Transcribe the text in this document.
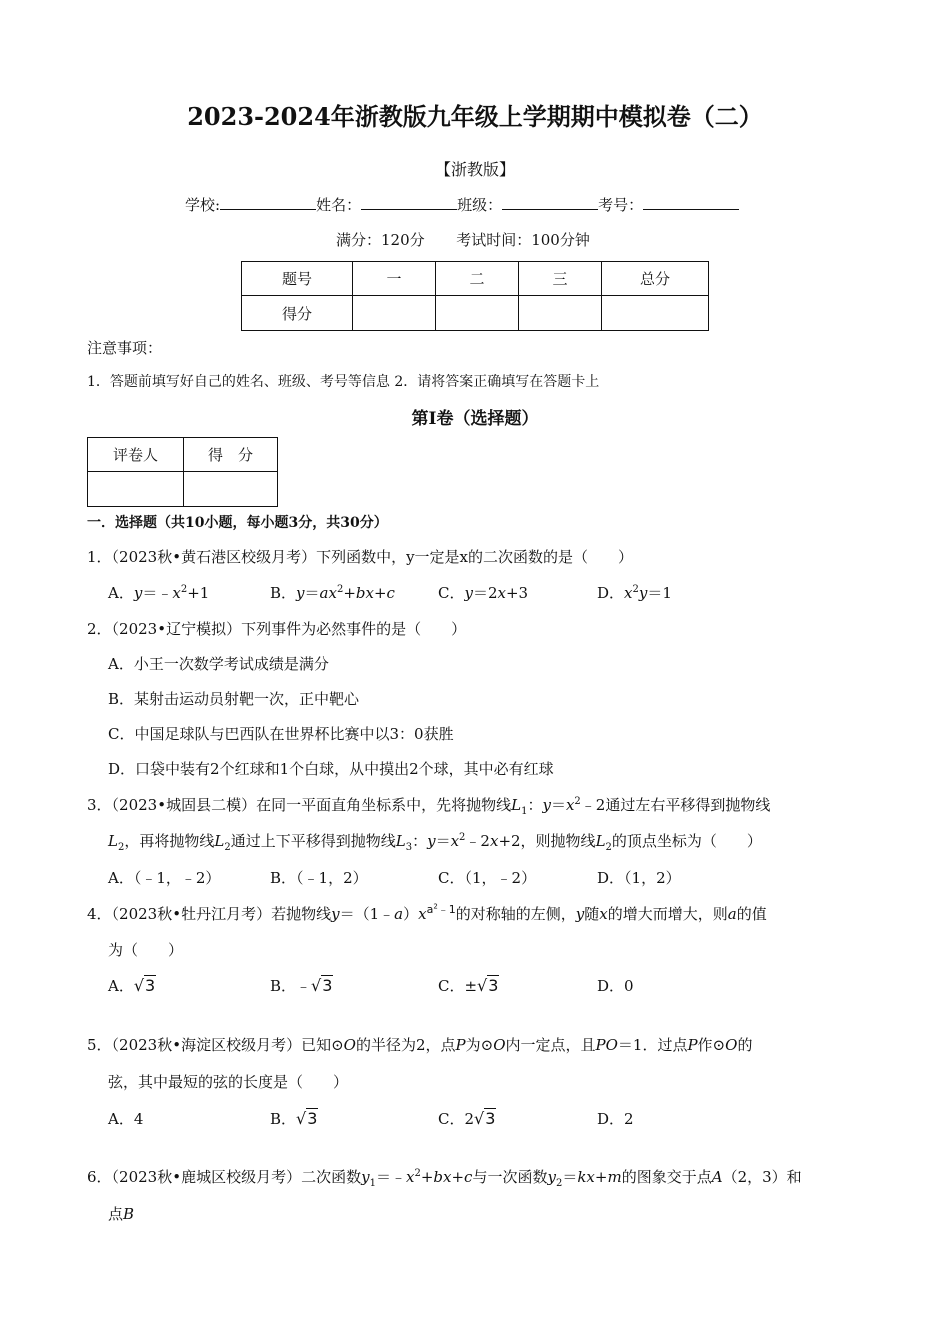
2023-2024年浙教版九年级上学期期中模拟卷（二）
【浙教版】
学校:	姓名：	班级：	考号：
满分：120分 考试时间：100分钟
题号	一	二	三	总分
得分				
注意事项：
1．答题前填写好自己的姓名、班级、考号等信息 2．请将答案正确填写在答题卡上
第Ⅰ卷（选择题）
评卷人	得　分

一．选择题（共10小题，每小题3分，共30分）
1．（2023秋•黄石港区校级月考）下列函数中，y一定是x的二次函数的是（　　）
A．$y=﹣x^2+1$	B．$y=ax^2+bx+c$	C．y＝2x+3	D．$x^2y=1$
2．（2023•辽宁模拟）下列事件为必然事件的是（　　）
A．小王一次数学考试成绩是满分
B．某射击运动员射靶一次，正中靶心
C．中国足球队与巴西队在世界杯比赛中以3：0获胜
D．口袋中装有2个红球和1个白球，从中摸出2个球，其中必有红球
3．（2023•城固县二模）在同一平面直角坐标系中，先将抛物线$L_1$：$y=x^2﹣2$通过左右平移得到抛物线
$L_2$，再将抛物线$L_2$通过上下平移得到抛物线$L_3$：$y=x^2﹣2x+2$，则抛物线$L_2$的顶点坐标为（　　）
A．（﹣1，﹣2）	B．（﹣1，2）	C．（1，﹣2）	D．（1，2）
4．（2023秋•牡丹江月考）若抛物线$y=(1﹣a)x^{a^2﹣1}$的对称轴的左侧，y随x的增大而增大，则a的值
为（　　）
A．√3	B．﹣√3	C．±√3	D．0
5．（2023秋•海淀区校级月考）已知⊙O的半径为2，点P为⊙O内一定点，且PO＝1．过点P作⊙O的
弦，其中最短的弦的长度是（　　）
A．4	B．√3	C．2√3	D．2
6．（2023秋•鹿城区校级月考）二次函数$y_1=﹣x^2+bx+c$与一次函数$y_2=kx+m$的图象交于点A（2，3）和
点B
